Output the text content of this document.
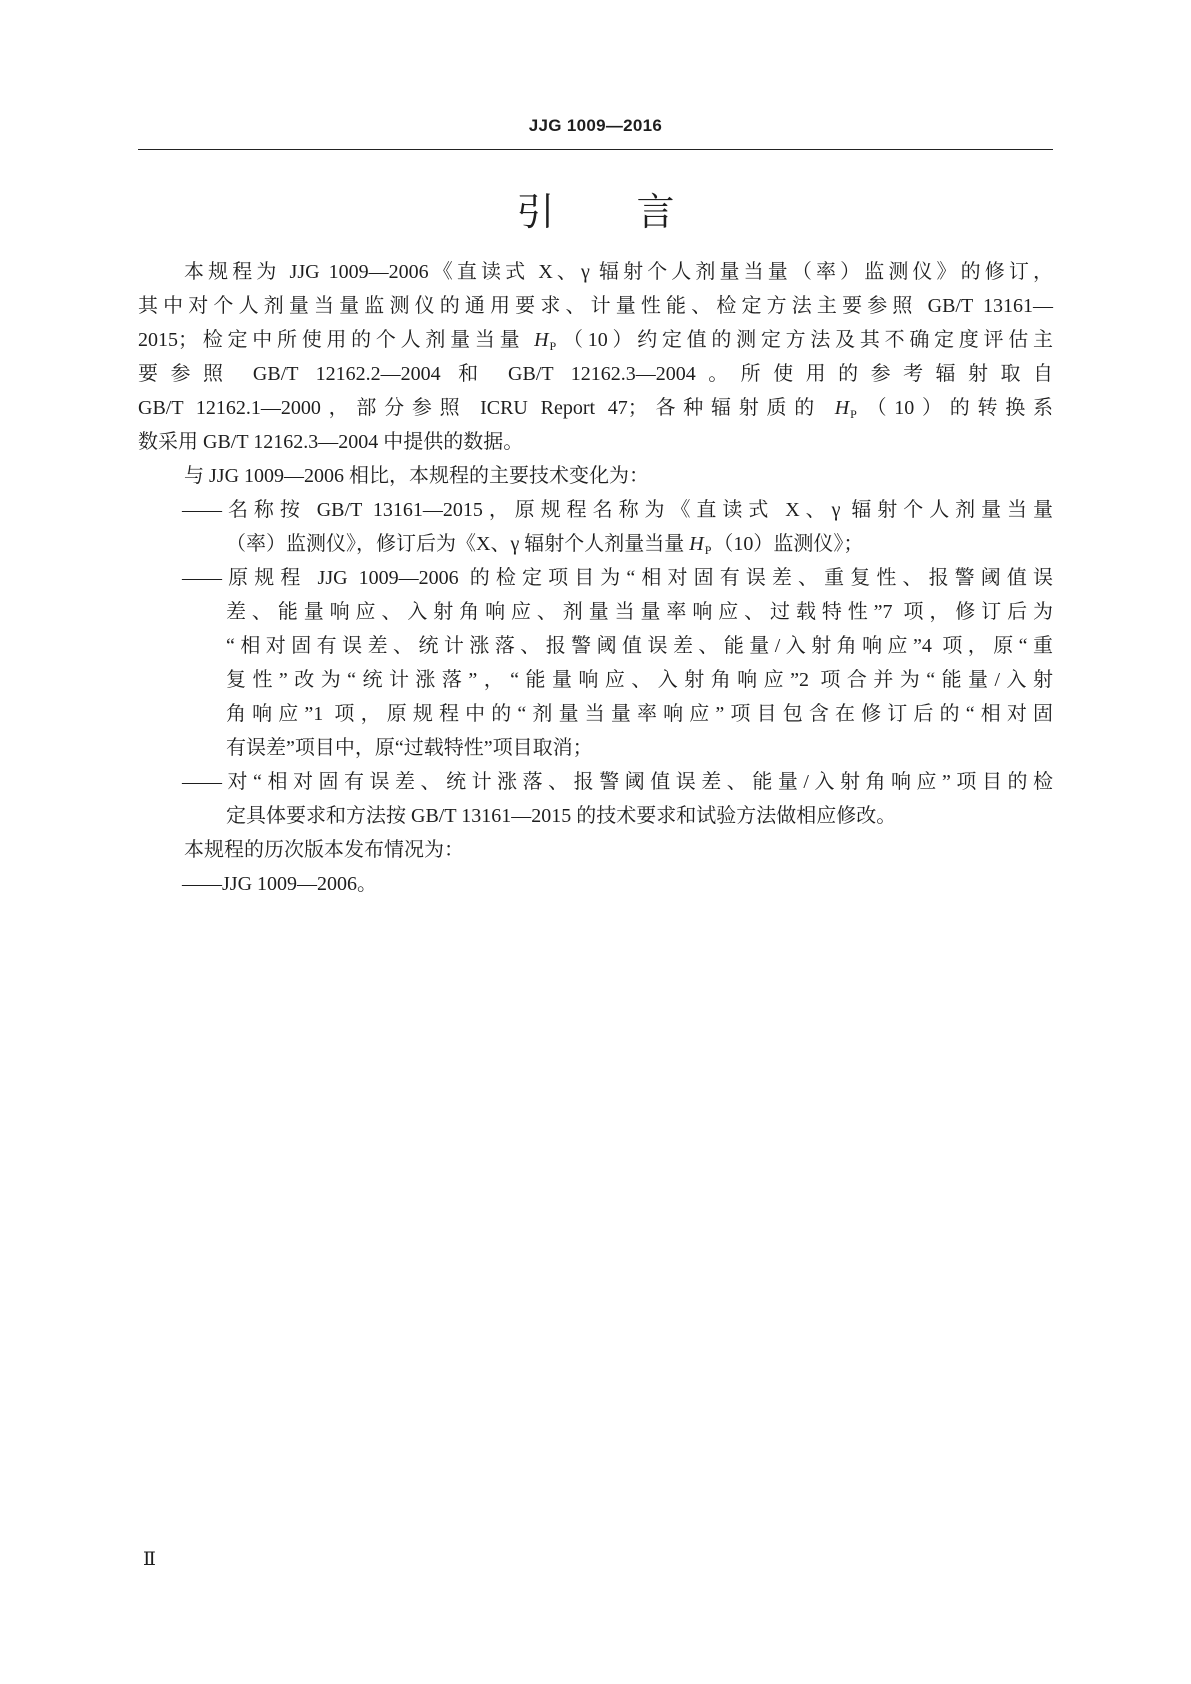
JJG 1009—2016
引 言
本规程为 JJG 1009—2006《直读式 X、γ 辐射个人剂量当量（率）监测仪》的修订，
其中对个人剂量当量监测仪的通用要求、计量性能、检定方法主要参照 GB/T 13161—
2015；检定中所使用的个人剂量当量 $H_P$ （10）约定值的测定方法及其不确定度评估主
要参照 GB/T 12162.2—2004 和 GB/T 12162.3—2004。所使用的参考辐射取自
GB/T 12162.1—2000，部分参照 ICRU Report 47；各种辐射质的 $H_P$ （10）的转换系
数采用 GB/T 12162.3—2004 中提供的数据。
与 JJG 1009—2006 相比，本规程的主要技术变化为：
——名称按 GB/T 13161—2015，原规程名称为《直读式 X、γ 辐射个人剂量当量
（率）监测仪》，修订后为《X、γ 辐射个人剂量当量 $H_P$ （10）监测仪》；
——原规程 JJG 1009—2006 的检定项目为“相对固有误差、重复性、报警阈值误
差、能量响应、入射角响应、剂量当量率响应、过载特性”7 项，修订后为
“相对固有误差、统计涨落、报警阈值误差、能量/入射角响应”4 项，原“重
复性”改为“统计涨落”，“能量响应、入射角响应”2 项合并为“能量/入射
角响应”1 项，原规程中的“剂量当量率响应”项目包含在修订后的“相对固
有误差”项目中，原“过载特性”项目取消；
——对“相对固有误差、统计涨落、报警阈值误差、能量/入射角响应”项目的检
定具体要求和方法按 GB/T 13161—2015 的技术要求和试验方法做相应修改。
本规程的历次版本发布情况为：
——JJG 1009—2006。
Ⅱ
